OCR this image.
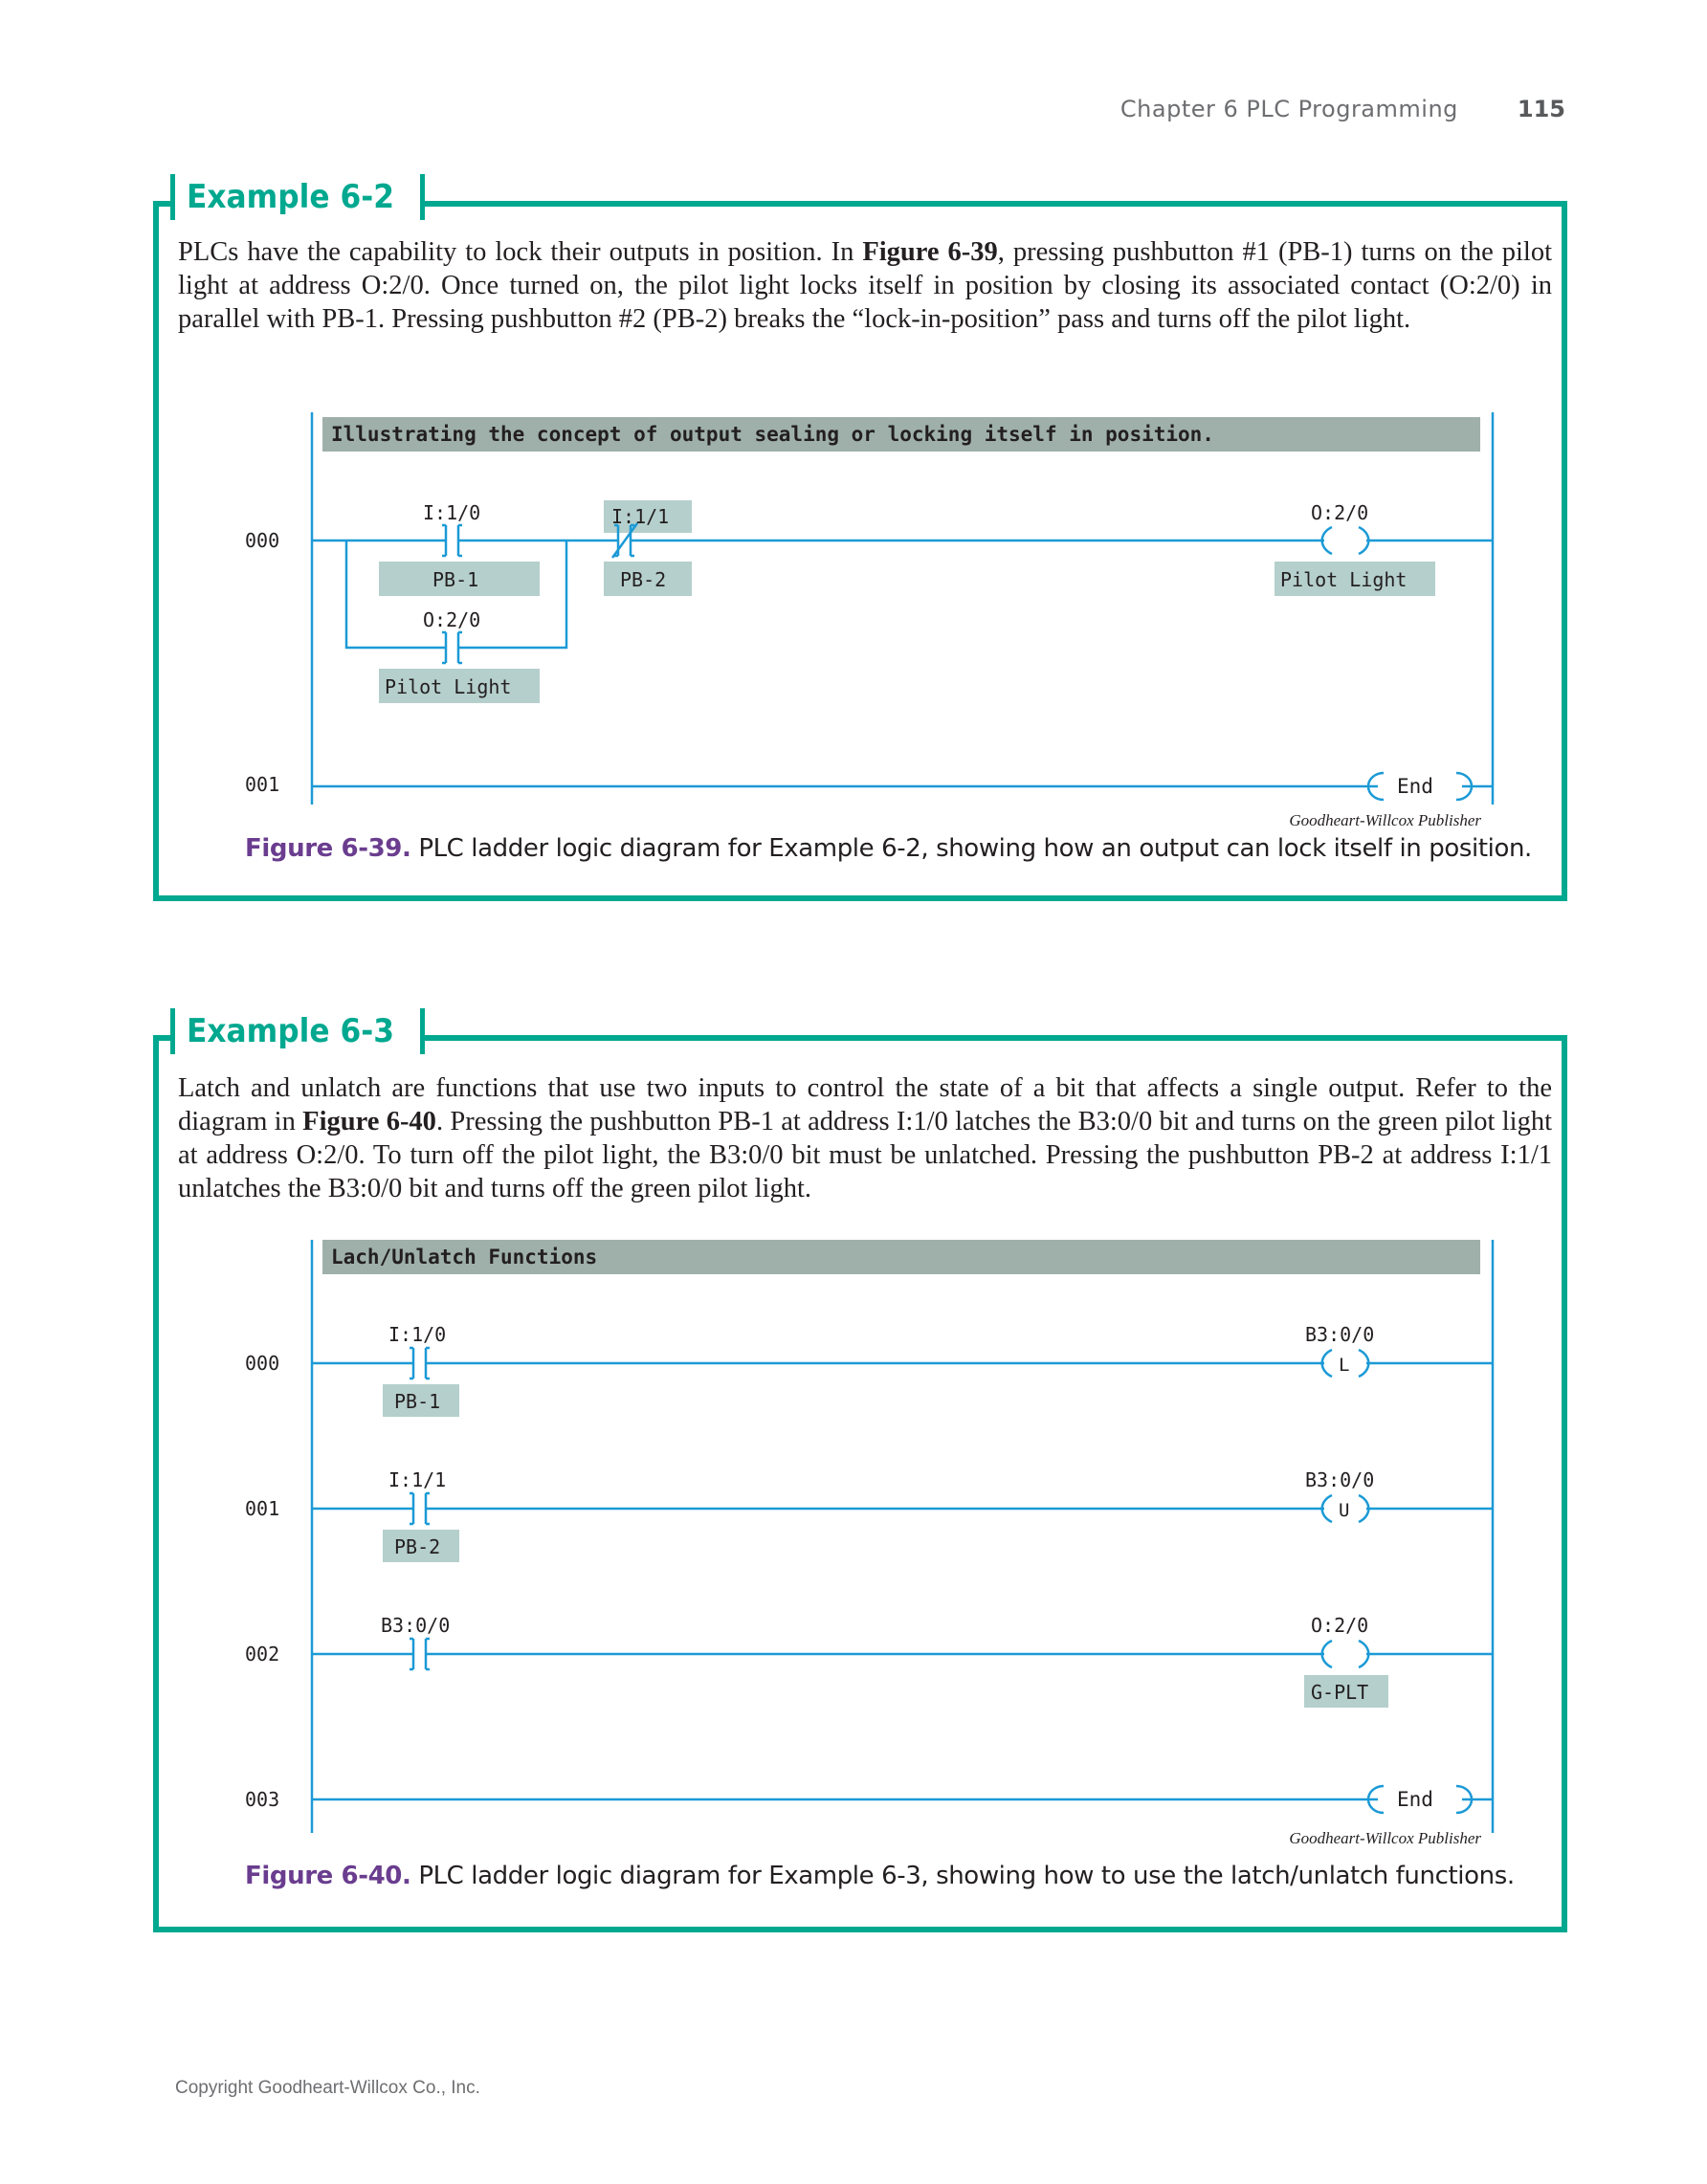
Chapter 6 PLC Programming	115
Example 6-2
PLCs have the capability to lock their outputs in position. In Figure 6-39, pressing pushbutton #1 (PB-1) turns on the pilot light at address O:2/0. Once turned on, the pilot light locks itself in position by closing its associated contact (O:2/0) in parallel with PB-1. Pressing pushbutton #2 (PB-2) breaks the “lock-in-position” pass and turns off the pilot light.
Illustrating the concept of output sealing or locking itself in position.
000
I:1/0
PB-1
I:1/1
PB-2
O:2/0
Pilot Light
O:2/0
Pilot Light
001	End
Goodheart-Willcox Publisher
Figure 6-39. PLC ladder logic diagram for Example 6-2, showing how an output can lock itself in position.
Example 6-3
Latch and unlatch are functions that use two inputs to control the state of a bit that affects a single output. Refer to the diagram in Figure 6-40. Pressing the pushbutton PB-1 at address I:1/0 latches the B3:0/0 bit and turns on the green pilot light at address O:2/0. To turn off the pilot light, the B3:0/0 bit must be unlatched. Pressing the pushbutton PB-2 at address I:1/1 unlatches the B3:0/0 bit and turns off the green pilot light.
Lach/Unlatch Functions
000
I:1/0
PB-1
B3:0/0
L
001
I:1/1
PB-2
B3:0/0
U
002
B3:0/0	O:2/0
G-PLT
003	End
Goodheart-Willcox Publisher
Figure 6-40. PLC ladder logic diagram for Example 6-3, showing how to use the latch/unlatch functions.
Copyright Goodheart-Willcox Co., Inc.
